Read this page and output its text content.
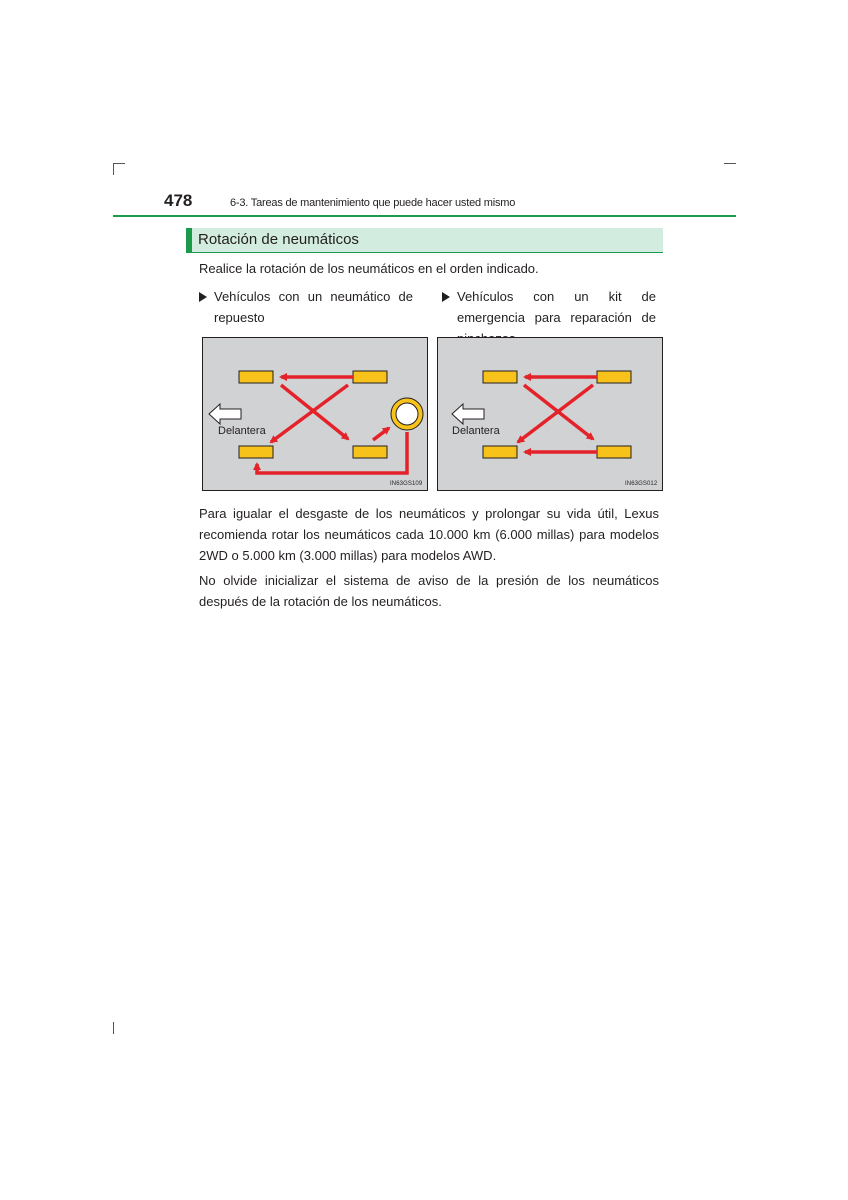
478	6-3. Tareas de mantenimiento que puede hacer usted mismo
Rotación de neumáticos

Realice la rotación de los neumáticos en el orden indicado.

Vehículos con un neumático de repuesto
Vehículos con un kit de emergencia para reparación de
Delantera
IN63GS109
Delantera
IN63GS012

Para igualar el desgaste de los neumáticos y prolongar su vida útil, Lexus recomienda rotar los neumáticos cada 10.000 km (6.000 millas) para modelos 2WD o 5.000 km (3.000 millas) para modelos AWD.

No olvide inicializar el sistema de aviso de la presión de los neumáticos después de la rotación de los neumáticos.
